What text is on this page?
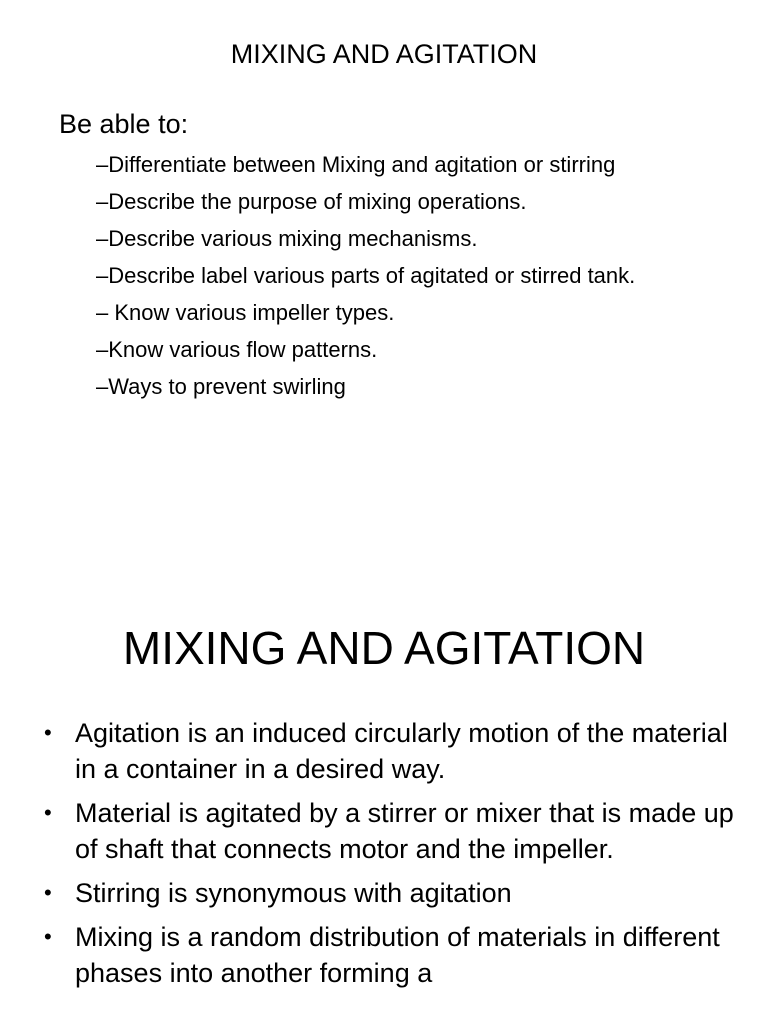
MIXING AND AGITATION
Be able to:
–Differentiate between Mixing and agitation or stirring
–Describe the purpose of mixing operations.
–Describe various mixing mechanisms.
–Describe label various parts of agitated or stirred tank.
– Know various impeller types.
–Know various flow patterns.
–Ways to prevent swirling
MIXING AND AGITATION
• Agitation is an induced circularly motion of the material in a container in a desired way.
• Material is agitated by a stirrer or mixer that is made up of shaft that connects motor and the impeller.
• Stirring is synonymous with agitation
• Mixing is a random distribution of materials in different phases into another forming a
